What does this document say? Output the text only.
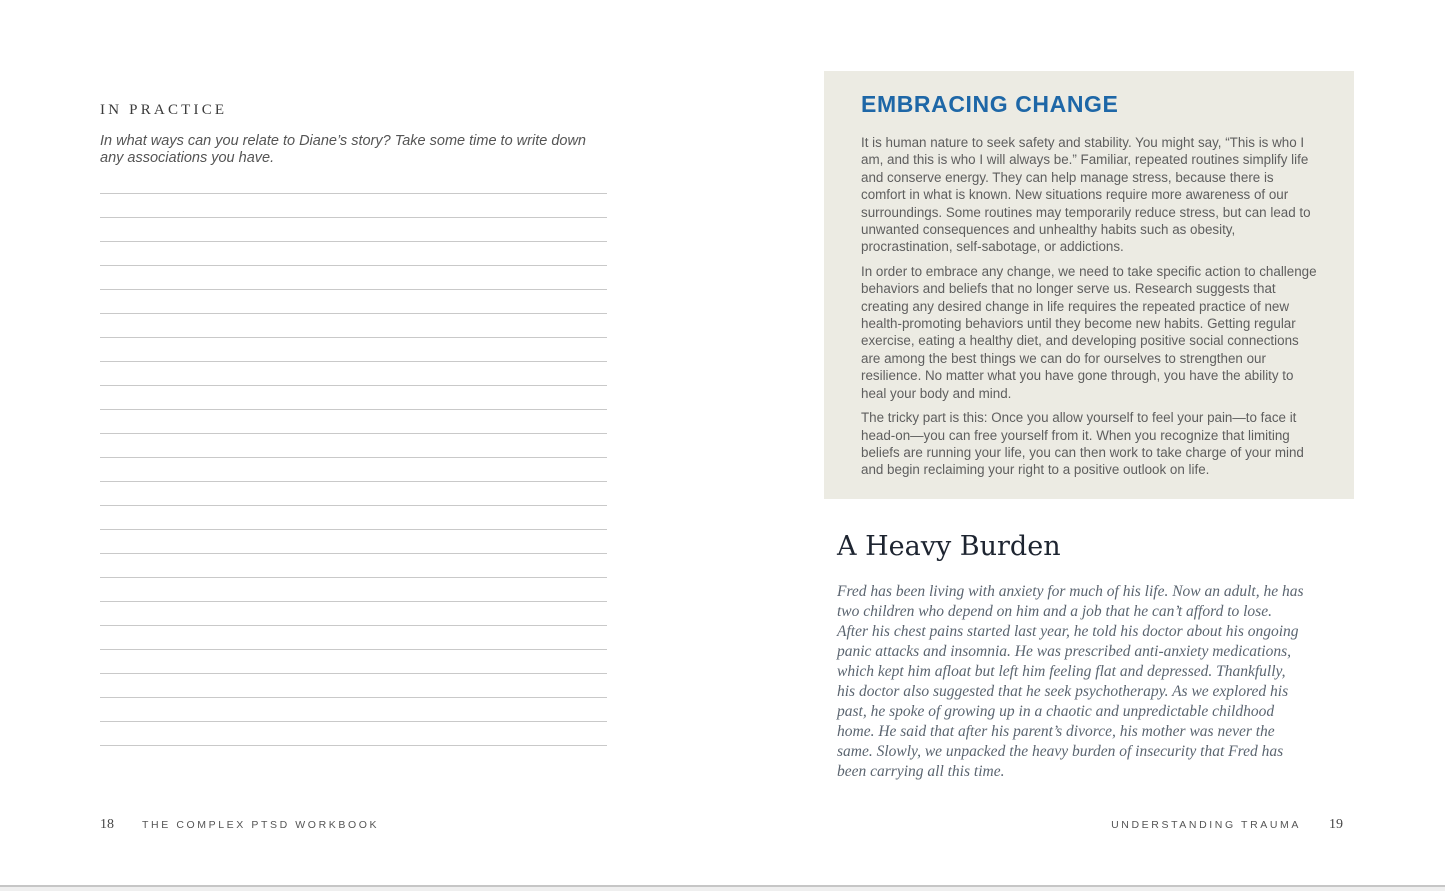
IN PRACTICE
In what ways can you relate to Diane’s story? Take some time to write down any associations you have.
18	THE COMPLEX PTSD WORKBOOK
EMBRACING CHANGE

It is human nature to seek safety and stability. You might say, “This is who I am, and this is who I will always be.” Familiar, repeated routines simplify life and conserve energy. They can help manage stress, because there is comfort in what is known. New situations require more awareness of our surroundings. Some routines may temporarily reduce stress, but can lead to unwanted consequences and unhealthy habits such as obesity, procrastination, self-sabotage, or addictions.

In order to embrace any change, we need to take specific action to challenge behaviors and beliefs that no longer serve us. Research suggests that creating any desired change in life requires the repeated practice of new health-promoting behaviors until they become new habits. Getting regular exercise, eating a healthy diet, and developing positive social connections are among the best things we can do for ourselves to strengthen our resilience. No matter what you have gone through, you have the ability to heal your body and mind.

The tricky part is this: Once you allow yourself to feel your pain—to face it head-on—you can free yourself from it. When you recognize that limiting beliefs are running your life, you can then work to take charge of your mind and begin reclaiming your right to a positive outlook on life.

A Heavy Burden
Fred has been living with anxiety for much of his life. Now an adult, he has two children who depend on him and a job that he can’t afford to lose. After his chest pains started last year, he told his doctor about his ongoing panic attacks and insomnia. He was prescribed anti-anxiety medications, which kept him afloat but left him feeling flat and depressed. Thankfully, his doctor also suggested that he seek psychotherapy. As we explored his past, he spoke of growing up in a chaotic and unpredictable childhood home. He said that after his parent’s divorce, his mother was never the same. Slowly, we unpacked the heavy burden of insecurity that Fred has been carrying all this time.
UNDERSTANDING TRAUMA 19
